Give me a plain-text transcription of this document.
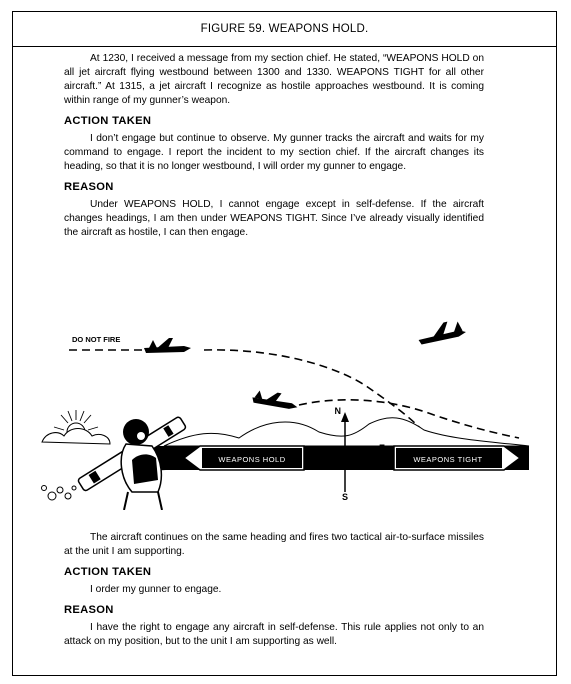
FIGURE 59. WEAPONS HOLD.

At 1230, I received a message from my section chief. He stated, “WEAPONS HOLD on all jet aircraft flying westbound between 1300 and 1330. WEAPONS TIGHT for all other aircraft.” At 1315, a jet aircraft I recognize as hostile approaches westbound. It is coming within range of my gunner’s weapon.

ACTION TAKEN

I don’t engage but continue to observe. My gunner tracks the aircraft and waits for my command to engage. I report the incident to my section chief. If the aircraft changes its heading, so that it is no longer westbound, I will order my gunner to engage.

REASON

Under WEAPONS HOLD, I cannot engage except in self-defense. If the aircraft changes headings, I am then under WEAPONS TIGHT. Since I’ve already visually identified the aircraft as hostile, I can then engage.

DO NOT FIRE
WEAPONS HOLD	WEAPONS TIGHT
N
S
E
W

The aircraft continues on the same heading and fires two tactical air-to-surface missiles at the unit I am supporting.

ACTION TAKEN

I order my gunner to engage.

REASON

I have the right to engage any aircraft in self-defense. This rule applies not only to an attack on my position, but to the unit I am supporting as well.
